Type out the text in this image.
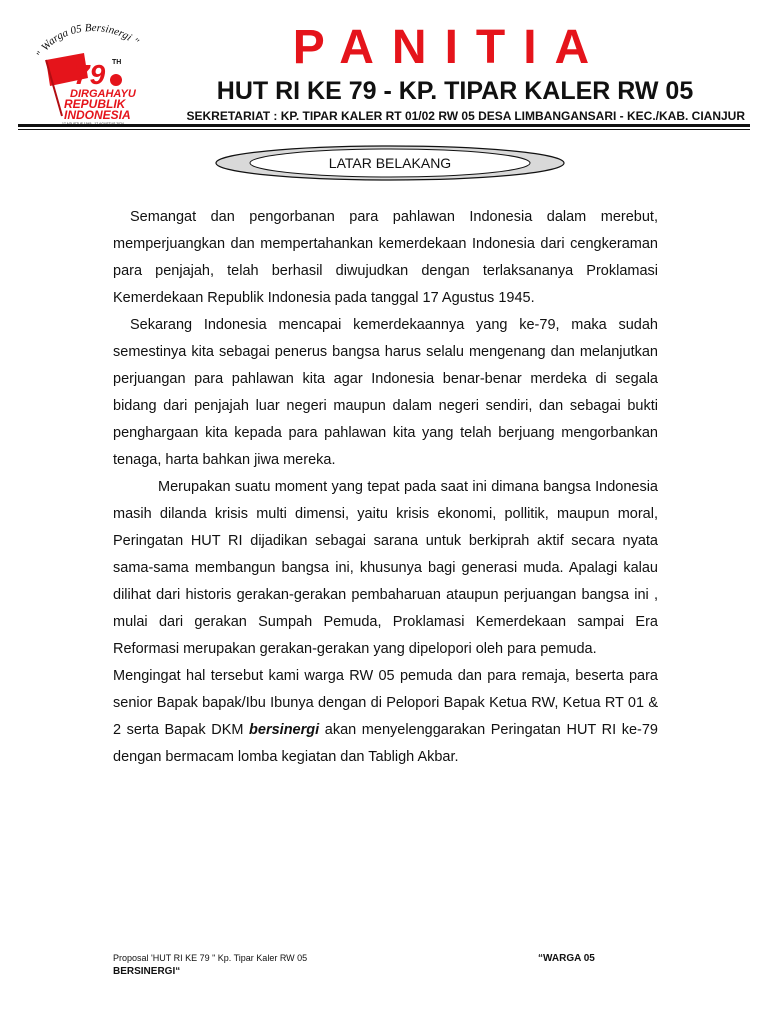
" Warga 05 Bersinergi "
79 TH
DIRGAHAYU
REPUBLIK
INDONESIA
PANITIA
HUT RI KE 79 - KP. TIPAR KALER RW 05
SEKRETARIAT : KP. TIPAR KALER RT 01/02 RW 05 DESA LIMBANGANSARI - KEC./KAB. CIANJUR
LATAR BELAKANG

Semangat dan pengorbanan para pahlawan Indonesia dalam merebut, memperjuangkan dan mempertahankan kemerdekaan Indonesia dari cengkeraman para penjajah, telah berhasil diwujudkan dengan terlaksananya Proklamasi Kemerdekaan Republik Indonesia pada tanggal 17 Agustus 1945.

Sekarang Indonesia mencapai kemerdekaannya yang ke-79, maka sudah semestinya kita sebagai penerus bangsa harus selalu mengenang dan melanjutkan perjuangan para pahlawan kita agar Indonesia benar-benar merdeka di segala bidang dari penjajah luar negeri maupun dalam negeri sendiri, dan sebagai bukti penghargaan kita kepada para pahlawan kita yang telah berjuang mengorbankan tenaga, harta bahkan jiwa mereka.

Merupakan suatu moment yang tepat pada saat ini dimana bangsa Indonesia masih dilanda krisis multi dimensi, yaitu krisis ekonomi, pollitik, maupun moral, Peringatan HUT RI dijadikan sebagai sarana untuk berkiprah aktif secara nyata sama-sama membangun bangsa ini, khusunya bagi generasi muda. Apalagi kalau dilihat dari historis gerakan-gerakan pembaharuan ataupun perjuangan bangsa ini , mulai dari gerakan Sumpah Pemuda, Proklamasi Kemerdekaan sampai Era Reformasi merupakan gerakan-gerakan yang dipelopori oleh para pemuda.

Mengingat hal tersebut kami warga RW 05 pemuda dan para remaja, beserta para senior Bapak bapak/Ibu Ibunya dengan di Pelopori Bapak Ketua RW, Ketua RT 01 & 2 serta Bapak DKM bersinergi akan menyelenggarakan Peringatan HUT RI ke-79 dengan bermacam lomba kegiatan dan Tabligh Akbar.

Proposal 'HUT RI KE 79 " Kp. Tipar Kaler RW 05	“WARGA 05
BERSINERGI“
